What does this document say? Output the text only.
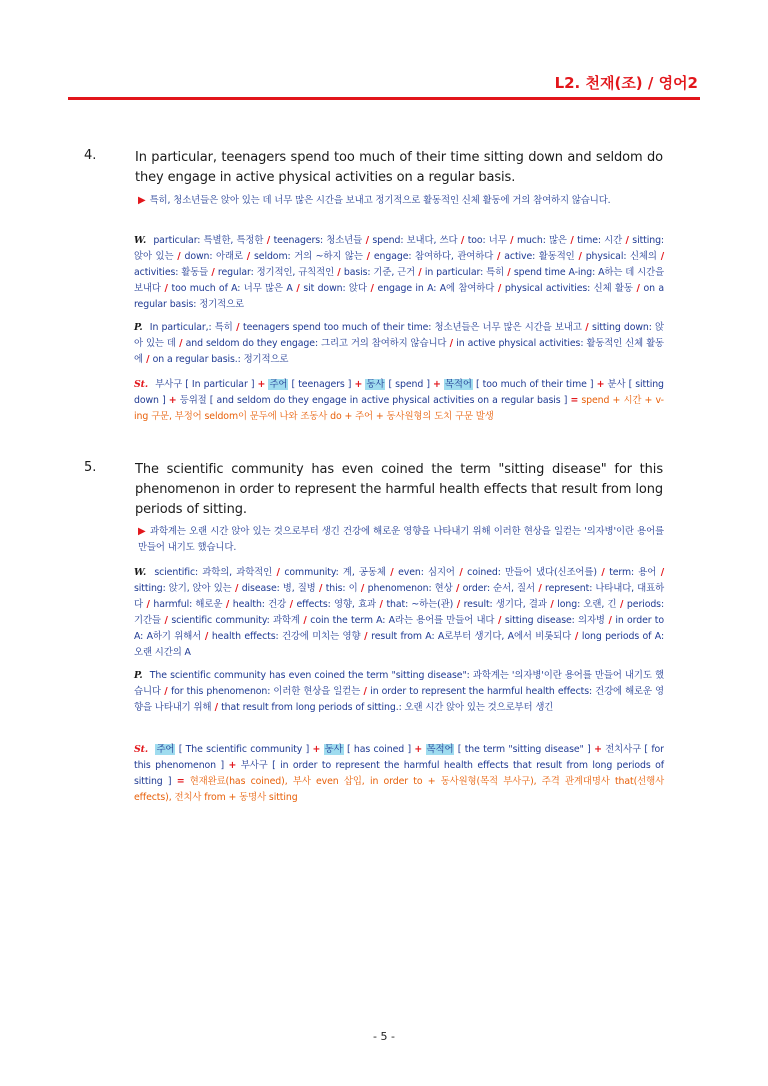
L2. 천재(조) / 영어2
4.	In particular, teenagers spend too much of their time sitting down and seldom do they engage in active physical activities on a regular basis.
▶ 특히, 청소년들은 앉아 있는 데 너무 많은 시간을 보내고 정기적으로 활동적인 신체 활동에 거의 참여하지 않습니다.
W. particular: 특별한, 특정한 / teenagers: 청소년들 / spend: 보내다, 쓰다 / too: 너무 / much: 많은 / time: 시간 / sitting: 앉아 있는 / down: 아래로 / seldom: 거의 ~하지 않는 / engage: 참여하다, 관여하다 / active: 활동적인 / physical: 신체의 / activities: 활동들 / regular: 정기적인, 규칙적인 / basis: 기준, 근거 / in particular: 특히 / spend time A-ing: A하는 데 시간을 보내다 / too much of A: 너무 많은 A / sit down: 앉다 / engage in A: A에 참여하다 / physical activities: 신체 활동 / on a regular basis: 정기적으로
P. In particular,: 특히 / teenagers spend too much of their time: 청소년들은 너무 많은 시간을 보내고 / sitting down: 앉아 있는 데 / and seldom do they engage: 그리고 거의 참여하지 않습니다 / in active physical activities: 활동적인 신체 활동에 / on a regular basis.: 정기적으로
St. 부사구 [ In particular ] + 주어 [ teenagers ] + 동사 [ spend ] + 목적어 [ too much of their time ] + 분사 [ sitting down ] + 등위절 [ and seldom do they engage in active physical activities on a regular basis ] = spend + 시간 + v-ing 구문, 부정어 seldom이 문두에 나와 조동사 do + 주어 + 동사원형의 도치 구문 발생
5.	The scientific community has even coined the term "sitting disease" for this phenomenon in order to represent the harmful health effects that result from long periods of sitting.
▶ 과학계는 오랜 시간 앉아 있는 것으로부터 생긴 건강에 해로운 영향을 나타내기 위해 이러한 현상을 일컫는 '의자병'이란 용어를 만들어 내기도 했습니다.
W. scientific: 과학의, 과학적인 / community: 계, 공동체 / even: 심지어 / coined: 만들어 냈다(신조어를) / term: 용어 / sitting: 앉기, 앉아 있는 / disease: 병, 질병 / this: 이 / phenomenon: 현상 / order: 순서, 질서 / represent: 나타내다, 대표하다 / harmful: 해로운 / health: 건강 / effects: 영향, 효과 / that: ~하는(관) / result: 생기다, 결과 / long: 오랜, 긴 / periods: 기간들 / scientific community: 과학계 / coin the term A: A라는 용어를 만들어 내다 / sitting disease: 의자병 / in order to A: A하기 위해서 / health effects: 건강에 미치는 영향 / result from A: A로부터 생기다, A에서 비롯되다 / long periods of A: 오랜 시간의 A
P. The scientific community has even coined the term "sitting disease": 과학계는 '의자병'이란 용어를 만들어 내기도 했습니다 / for this phenomenon: 이러한 현상을 일컫는 / in order to represent the harmful health effects: 건강에 해로운 영향을 나타내기 위해 / that result from long periods of sitting.: 오랜 시간 앉아 있는 것으로부터 생긴
St. 주어 [ The scientific community ] + 동사 [ has coined ] + 목적어 [ the term "sitting disease" ] + 전치사구 [ for this phenomenon ] + 부사구 [ in order to represent the harmful health effects that result from long periods of sitting ] = 현재완료(has coined), 부사 even 삽입, in order to + 동사원형(목적 부사구), 주격 관계대명사 that(선행사 effects), 전치사 from + 동명사 sitting
- 5 -
